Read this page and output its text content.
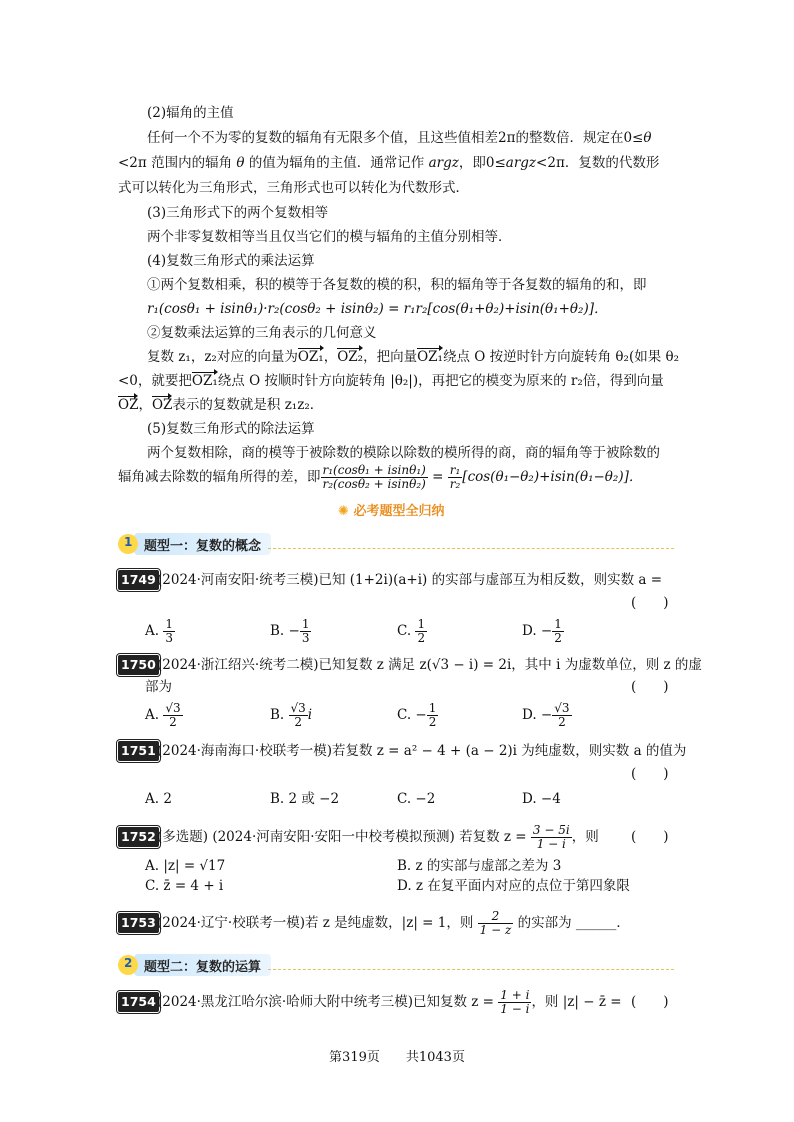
(2)辐角的主值
任何一个不为零的复数的辐角有无限多个值，且这些值相差2π的整数倍．规定在0≤θ
<2π 范围内的辐角 θ 的值为辐角的主值．通常记作 argz，即0≤argz<2π．复数的代数形
式可以转化为三角形式，三角形式也可以转化为代数形式．
(3)三角形式下的两个复数相等
两个非零复数相等当且仅当它们的模与辐角的主值分别相等．
(4)复数三角形式的乘法运算
①两个复数相乘，积的模等于各复数的模的积，积的辐角等于各复数的辐角的和，即
r₁(cosθ₁ + isinθ₁)·r₂(cosθ₂ + isinθ₂) = r₁r₂[cos(θ₁+θ₂)+isin(θ₁+θ₂)]．
②复数乘法运算的三角表示的几何意义
复数 z₁，z₂对应的向量为OZ₁，OZ₂，把向量OZ₁绕点 O 按逆时针方向旋转角 θ₂(如果 θ₂
<0，就要把OZ₁绕点 O 按顺时针方向旋转角 |θ₂|)，再把它的模变为原来的 r₂倍，得到向量
OZ，OZ表示的复数就是积 z₁z₂．
(5)复数三角形式的除法运算
两个复数相除，商的模等于被除数的模除以除数的模所得的商，商的辐角等于被除数的
辐角减去除数的辐角所得的差，即 $\frac{\text{r₁(cosθ₁ + isinθ₁)}}{\text{r₂(cosθ₂ + isinθ₂)}} = \frac{\text{r₁}}{\text{r₂}} [\cos(\theta_1-\theta_2)+isin(\theta_1-\theta_2)]$．
✺ 必考题型全归纳
1 题型一：复数的概念
1749 (2024·河南安阳·统考三模)已知 (1+2i)(a+i) 的实部与虚部互为相反数，则实数 a =
(　　)
A. $\frac{1}{3}$	B. − $\frac{1}{3}$	C. $\frac{1}{2}$	D. − $\frac{1}{2}$
1750 (2024·浙江绍兴·统考二模)已知复数 z 满足 z(√3 − i) = 2i，其中 i 为虚数单位，则 z 的虚
部为	(　　)
A. $\frac{√3}{2}$	B. $\frac{√3}{2}$ i	C. − $\frac{1}{2}$	D. − $\frac{√3}{2}$
1751 (2024·海南海口·校联考一模)若复数 z = a² − 4 + (a − 2)i 为纯虚数，则实数 a 的值为
(　　)
A. 2	B. 2 或 −2	C. −2	D. −4
1752 (多选题) (2024·河南安阳·安阳一中校考模拟预测) 若复数 $z = \frac{3 - 5i}{1 - i}$ ，则 (　　)
A. |z| = √17	B. z 的实部与虚部之差为 3
C. z̄ = 4 + i	D. z 在复平面内对应的点位于第四象限
1753 (2024·辽宁·校联考一模)若 z 是纯虚数，|z| = 1，则 $\frac{2}{1 - z}$ 的实部为 ______．
2 题型二：复数的运算
1754 (2024·黑龙江哈尔滨·哈师大附中统考三模)已知复数 $z = \frac{1 + i}{1 - i}$ ，则 |z| − z̄ = (　　)
第319页　　共1043页
